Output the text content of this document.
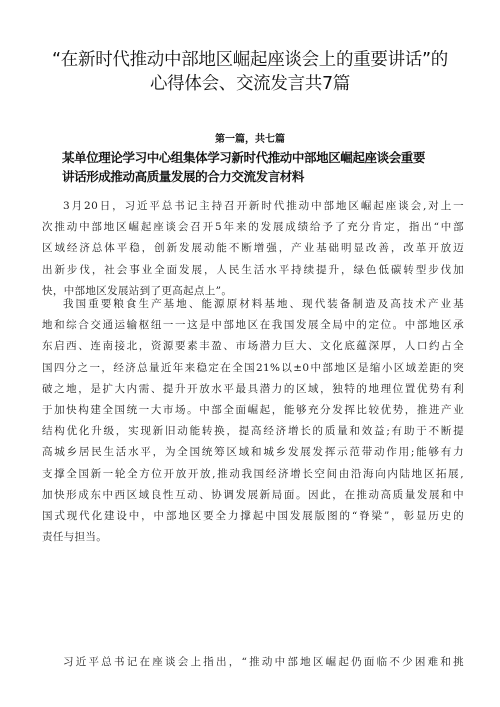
“在新时代推动中部地区崛起座谈会上的重要讲话”的
心得体会、交流发言共7篇
第一篇，共七篇
某单位理论学习中心组集体学习新时代推动中部地区崛起座谈会重要
讲话形成推动高质量发展的合力交流发言材料
3月20日，习近平总书记主持召开新时代推动中部地区崛起座谈会,对上一
次推动中部地区崛起座谈会召开5年来的发展成绩给予了充分肯定，指出“中部
区域经济总体平稳，创新发展动能不断增强，产业基础明显改善，改革开放迈
出新步伐，社会事业全面发展，人民生活水平持续提升，绿色低碳转型步伐加
快，中部地区发展站到了更高起点上”。
我国重要粮食生产基地、能源原材料基地、现代装备制造及高技术产业基
地和综合交通运输枢纽一一这是中部地区在我国发展全局中的定位。中部地区承
东启西、连南接北，资源要素丰盈、市场潜力巨大、文化底蕴深厚，人口约占全
国四分之一，经济总量近年来稳定在全国21%以±0中部地区是缩小区域差距的突
破之地，是扩大内需、提升开放水平最具潜力的区域，独特的地理位置优势有利
于加快构建全国统一大市场。中部全面崛起，能够充分发挥比较优势，推进产业
结构优化升级，实现新旧动能转换，提高经济增长的质量和效益;有助于不断提
高城乡居民生活水平，为全国统筹区域和城乡发展发挥示范带动作用;能够有力
支撑全国新一轮全方位开放开放,推动我国经济增长空间由沿海向内陆地区拓展,
加快形成东中西区域良性互动、协调发展新局面。因此，在推动高质量发展和中
国式现代化建设中，中部地区要全力撑起中国发展版图的“脊梁”，彰显历史的
责任与担当。
习近平总书记在座谈会上指出，“推动中部地区崛起仍面临不少困难和挑
